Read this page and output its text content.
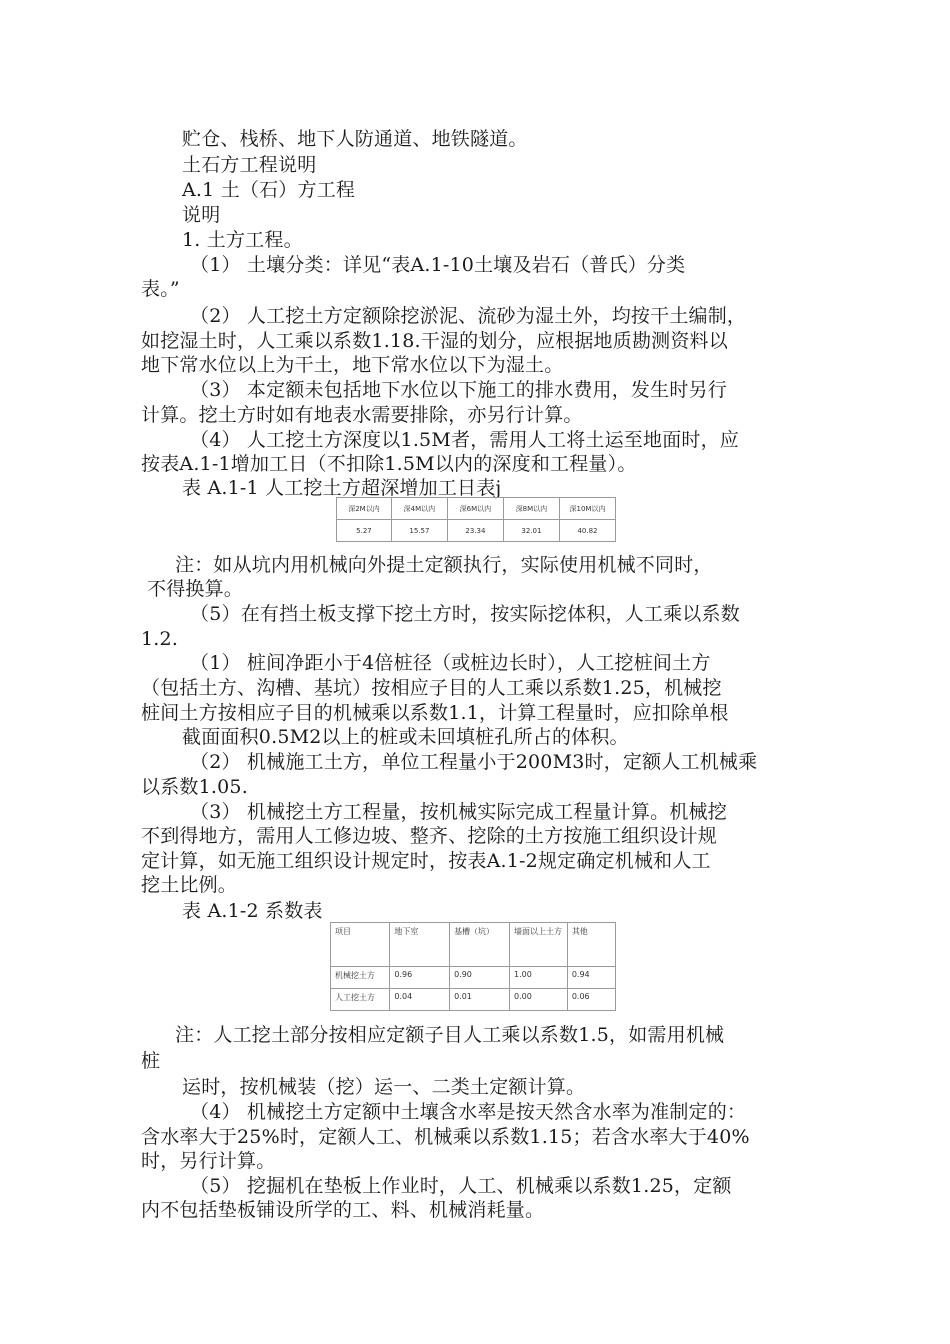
贮仓、栈桥、地下人防通道、地铁隧道。
土石方工程说明
A.1 土（石）方工程
说明
1. 土方工程。
（1） 土壤分类：详见“表A.1-10土壤及岩石（普氏）分类
表。”
（2） 人工挖土方定额除挖淤泥、流砂为湿土外，均按干土编制，
如挖湿土时，人工乘以系数1.18.干湿的划分，应根据地质勘测资料以
地下常水位以上为干土，地下常水位以下为湿土。
（3） 本定额未包括地下水位以下施工的排水费用，发生时另行
计算。挖土方时如有地表水需要排除，亦另行计算。
（4） 人工挖土方深度以1.5M者，需用人工将土运至地面时，应
按表A.1-1增加工日（不扣除1.5M以内的深度和工程量）。
表 A.1-1 人工挖土方超深增加工日表j
深2M以内	深4M以内	深6M以内	深8M以内	深10M以内
5.27	15.57	23.34	32.01	40.82
注：如从坑内用机械向外提土定额执行，实际使用机械不同时，
不得换算。
（5）在有挡土板支撑下挖土方时，按实际挖体积，人工乘以系数
1.2.
（1） 桩间净距小于4倍桩径（或桩边长时），人工挖桩间土方
（包括土方、沟槽、基坑）按相应子目的人工乘以系数1.25，机械挖
桩间土方按相应子目的机械乘以系数1.1，计算工程量时，应扣除单根
截面面积0.5M2以上的桩或未回填桩孔所占的体积。
（2） 机械施工土方，单位工程量小于200M3时，定额人工机械乘
以系数1.05.
（3） 机械挖土方工程量，按机械实际完成工程量计算。机械挖
不到得地方，需用人工修边坡、整齐、挖除的土方按施工组织设计规
定计算，如无施工组织设计规定时，按表A.1-2规定确定机械和人工
挖土比例。
表 A.1-2 系数表
项目	地下室	基槽（坑）	墙面以上土方	其他
机械挖土方	0.96	0.90	1.00	0.94
人工挖土方	0.04	0.01	0.00	0.06
注：人工挖土部分按相应定额子目人工乘以系数1.5，如需用机械
桩
运时，按机械装（挖）运一、二类土定额计算。
（4） 机械挖土方定额中土壤含水率是按天然含水率为准制定的：
含水率大于25%时，定额人工、机械乘以系数1.15；若含水率大于40%
时，另行计算。
（5） 挖掘机在垫板上作业时，人工、机械乘以系数1.25，定额
内不包括垫板铺设所学的工、料、机械消耗量。
